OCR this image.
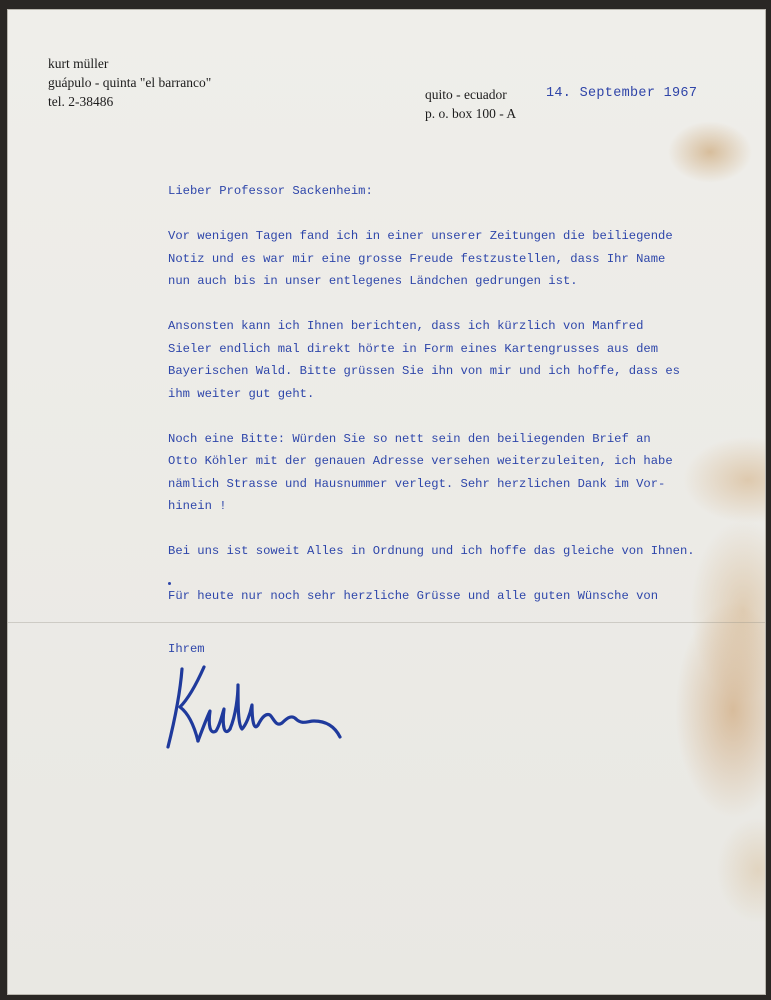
kurt müller
guápulo - quinta "el barranco"
tel. 2-38486	quito - ecuador
p. o. box 100 - A
14. September 1967
Lieber Professor Sackenheim:
Vor wenigen Tagen fand ich in einer unserer Zeitungen die beiliegende
Notiz und es war mir eine grosse Freude festzustellen, dass Ihr Name
nun auch bis in unser entlegenes Ländchen gedrungen ist.
Ansonsten kann ich Ihnen berichten, dass ich kürzlich von Manfred
Sieler endlich mal direkt hörte in Form eines Kartengrusses aus dem
Bayerischen Wald. Bitte grüssen Sie ihn von mir und ich hoffe, dass es
ihm weiter gut geht.
Noch eine Bitte: Würden Sie so nett sein den beiliegenden Brief an
Otto Köhler mit der genauen Adresse versehen weiterzuleiten, ich habe
nämlich Strasse und Hausnummer verlegt. Sehr herzlichen Dank im Vor-
hinein !
Bei uns ist soweit Alles in Ordnung und ich hoffe das gleiche von Ihnen.
Für heute nur noch sehr herzliche Grüsse und alle guten Wünsche von
Ihrem
